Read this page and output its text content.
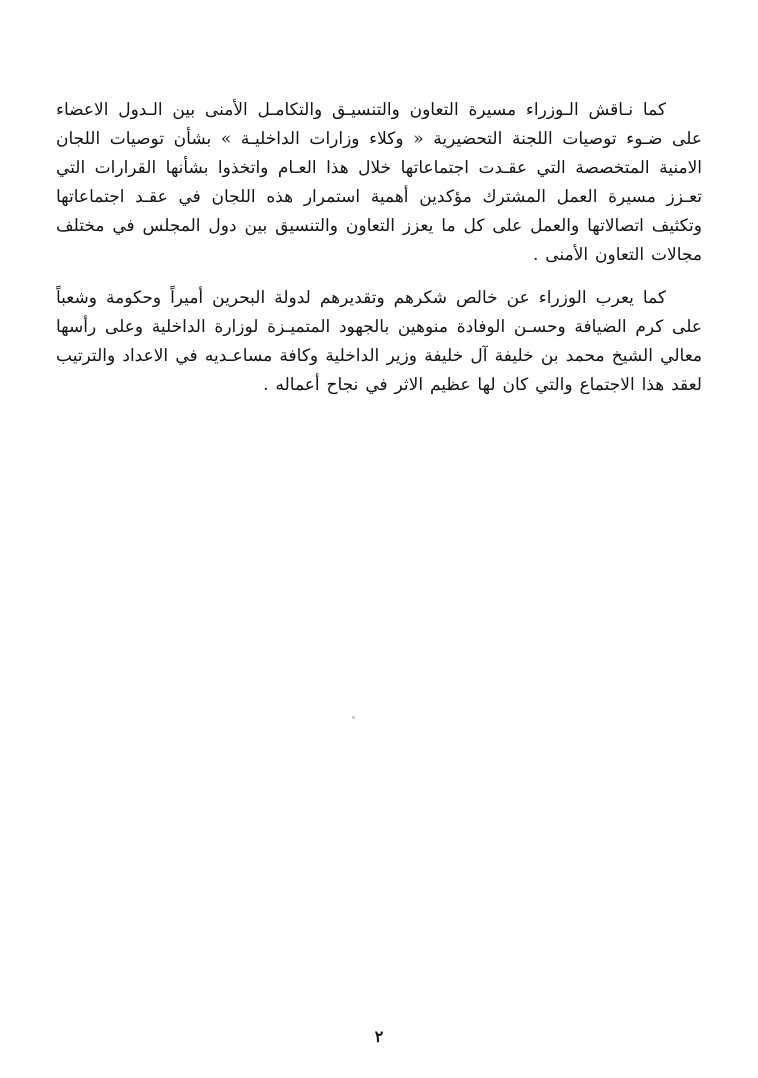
كما نـاقش الـوزراء مسيرة التعاون والتنسيـق والتكامـل الأمنى بين الـدول الاعضاء على ضـوء توصيات اللجنة التحضيرية « وكلاء وزارات الداخليـة » بشأن توصيات اللجان الامنية المتخصصة التي عقـدت اجتماعاتها خلال هذا العـام واتخذوا بشأنها القرارات التي تعـزز مسيرة العمل المشترك مؤكدين أهمية استمرار هذه اللجان في عقـد اجتماعاتها وتكثيف اتصالاتها والعمل على كل ما يعزز التعاون والتنسيق بين دول المجلس في مختلف مجالات التعاون الأمنى .

كما يعرب الوزراء عن خالص شكرهم وتقديرهم لدولة البحرين أميراً وحكومة وشعباً على كرم الضيافة وحسـن الوفادة منوهين بالجهود المتميـزة لوزارة الداخلية وعلى رأسها معالي الشيخ محمد بن خليفة آل خليفة وزير الداخلية وكافة مساعـديه في الاعداد والترتيب لعقد هذا الاجتماع والتي كان لها عظيم الاثر في نجاح أعماله .

٢
